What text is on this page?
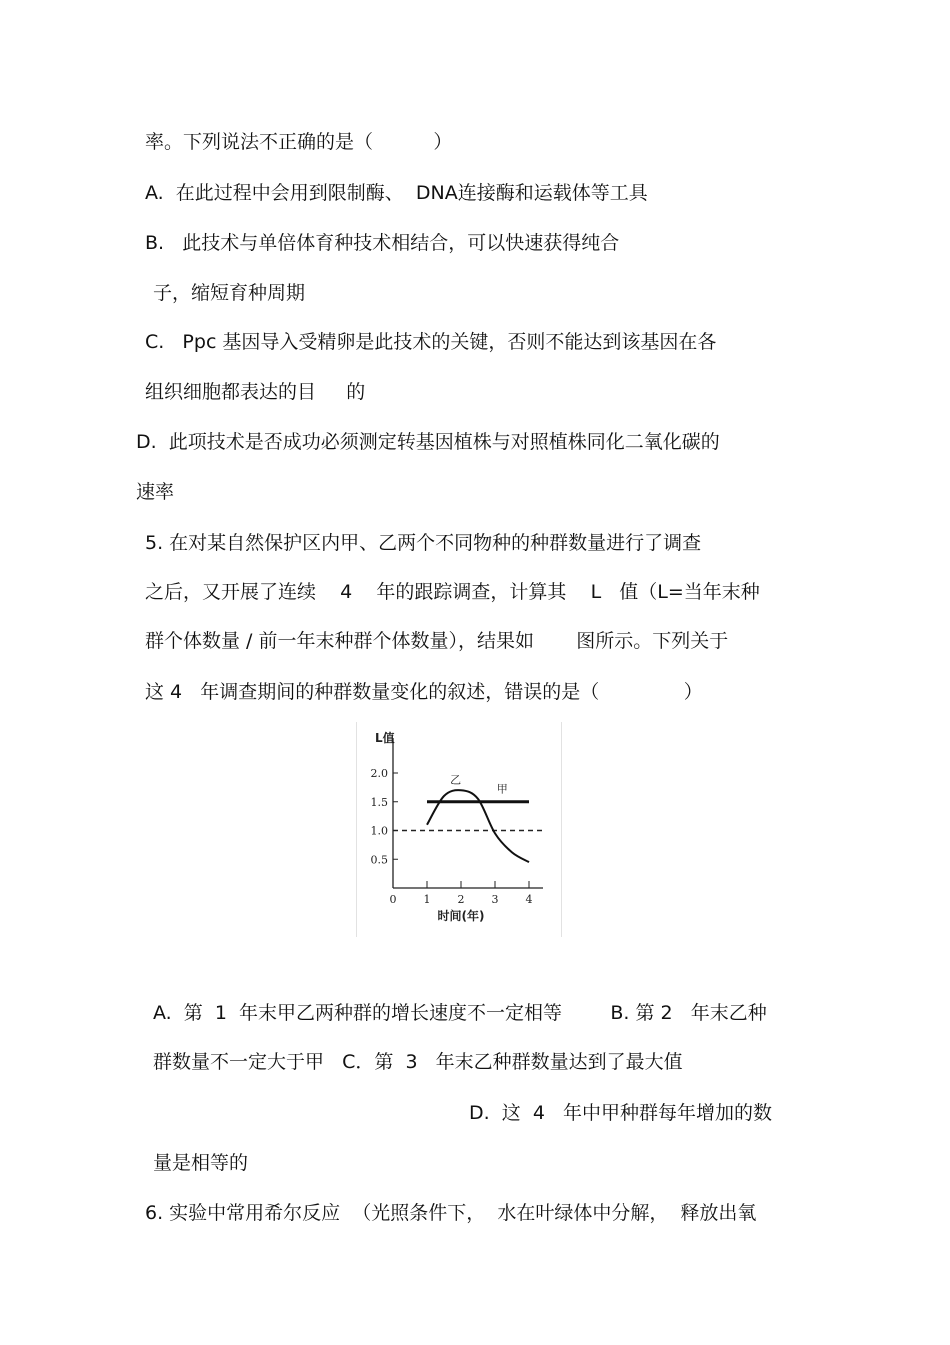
率。下列说法不正确的是（          ）
A.  在此过程中会用到限制酶、  DNA连接酶和运载体等工具
B.   此技术与单倍体育种技术相结合，可以快速获得纯合
子，缩短育种周期
C.   Ppc 基因导入受精卵是此技术的关键，否则不能达到该基因在各
组织细胞都表达的目     的
D.  此项技术是否成功必须测定转基因植株与对照植株同化二氧化碳的
速率
5. 在对某自然保护区内甲、乙两个不同物种的种群数量进行了调查
之后，又开展了连续    4    年的跟踪调查，计算其    L   值（L=当年末种
群个体数量 / 前一年末种群个体数量），结果如       图所示。下列关于
这 4   年调查期间的种群数量变化的叙述，错误的是（              ）
L值
0.5
1.0
1.5
2.0
0 1 2 3 4
时间(年)
乙
甲
A.  第  1  年末甲乙两种群的增长速度不一定相等        B. 第 2   年末乙种
群数量不一定大于甲   C．第  3   年末乙种群数量达到了最大值
D.  这  4   年中甲种群每年增加的数
量是相等的
6. 实验中常用希尔反应  （光照条件下，  水在叶绿体中分解，  释放出氧
